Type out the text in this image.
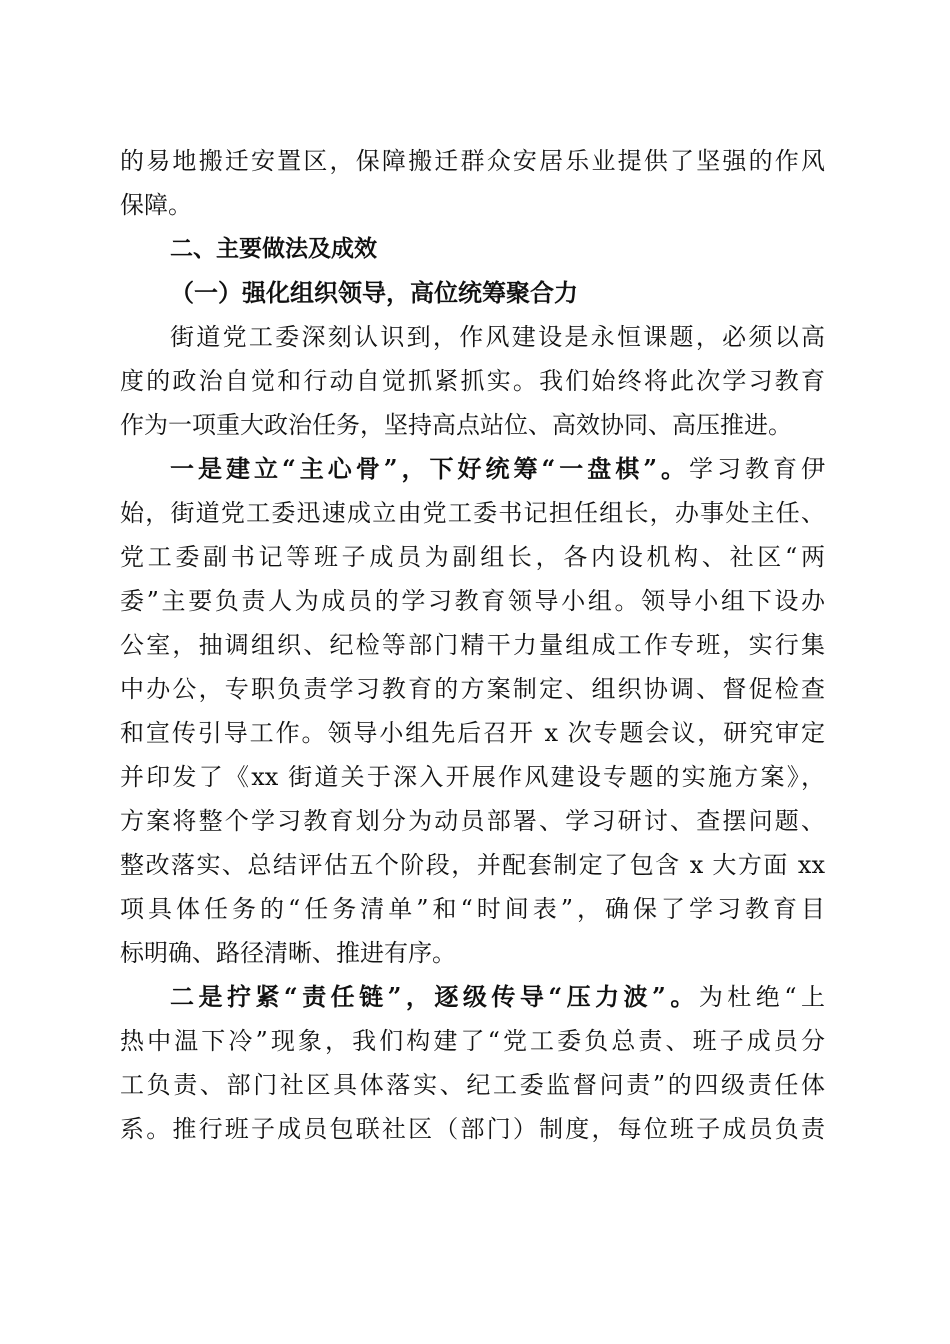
的易地搬迁安置区，保障搬迁群众安居乐业提供了坚强的作风
保障。
二、主要做法及成效
（一）强化组织领导，高位统筹聚合力
街道党工委深刻认识到，作风建设是永恒课题，必须以高
度的政治自觉和行动自觉抓紧抓实。我们始终将此次学习教育
作为一项重大政治任务，坚持高点站位、高效协同、高压推进。
一是建立“主心骨”，下好统筹“一盘棋”。学习教育伊
始，街道党工委迅速成立由党工委书记担任组长，办事处主任、
党工委副书记等班子成员为副组长，各内设机构、社区“两
委”主要负责人为成员的学习教育领导小组。领导小组下设办
公室，抽调组织、纪检等部门精干力量组成工作专班，实行集
中办公，专职负责学习教育的方案制定、组织协调、督促检查
和宣传引导工作。领导小组先后召开 x 次专题会议，研究审定
并印发了《xx 街道关于深入开展作风建设专题的实施方案》，
方案将整个学习教育划分为动员部署、学习研讨、查摆问题、
整改落实、总结评估五个阶段，并配套制定了包含 x 大方面 xx
项具体任务的“任务清单”和“时间表”，确保了学习教育目
标明确、路径清晰、推进有序。
二是拧紧“责任链”，逐级传导“压力波”。为杜绝“上
热中温下冷”现象，我们构建了“党工委负总责、班子成员分
工负责、部门社区具体落实、纪工委监督问责”的四级责任体
系。推行班子成员包联社区（部门）制度，每位班子成员负责
